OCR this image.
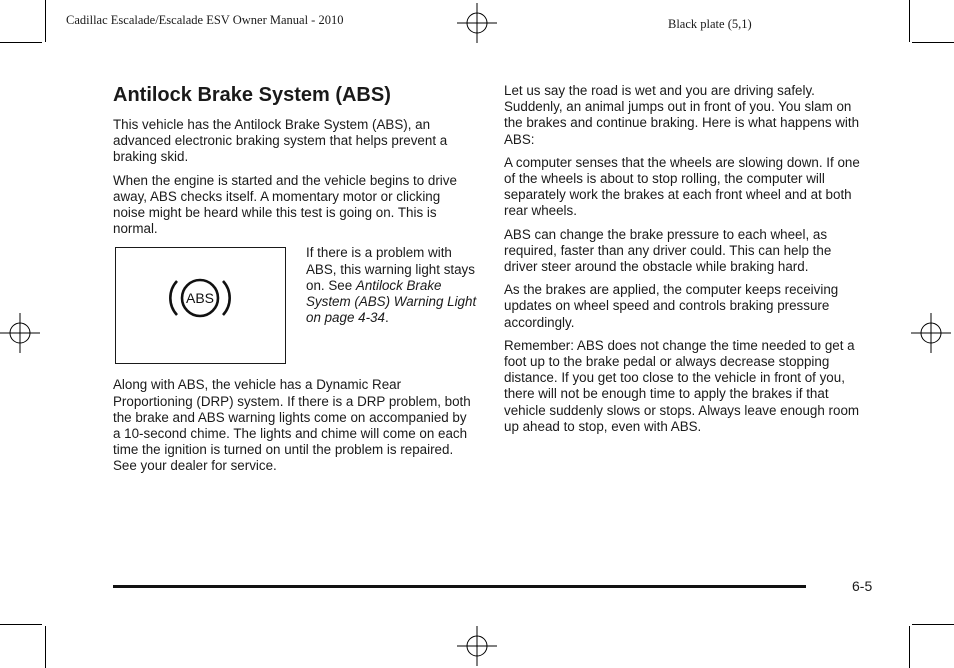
Cadillac Escalade/Escalade ESV Owner Manual - 2010	Black plate (5,1)
Antilock Brake System (ABS)

This vehicle has the Antilock Brake System (ABS), an advanced electronic braking system that helps prevent a braking skid.

When the engine is started and the vehicle begins to drive away, ABS checks itself. A momentary motor or clicking noise might be heard while this test is going on. This is normal.

ABS
If there is a problem with ABS, this warning light stays on. See Antilock Brake System (ABS) Warning Light on page 4-34.

Along with ABS, the vehicle has a Dynamic Rear Proportioning (DRP) system. If there is a DRP problem, both the brake and ABS warning lights come on accompanied by a 10-second chime. The lights and chime will come on each time the ignition is turned on until the problem is repaired. See your dealer for service.

Let us say the road is wet and you are driving safely. Suddenly, an animal jumps out in front of you. You slam on the brakes and continue braking. Here is what happens with ABS:

A computer senses that the wheels are slowing down. If one of the wheels is about to stop rolling, the computer will separately work the brakes at each front wheel and at both rear wheels.

ABS can change the brake pressure to each wheel, as required, faster than any driver could. This can help the driver steer around the obstacle while braking hard.

As the brakes are applied, the computer keeps receiving updates on wheel speed and controls braking pressure accordingly.

Remember: ABS does not change the time needed to get a foot up to the brake pedal or always decrease stopping distance. If you get too close to the vehicle in front of you, there will not be enough time to apply the brakes if that vehicle suddenly slows or stops. Always leave enough room up ahead to stop, even with ABS.

6-5
